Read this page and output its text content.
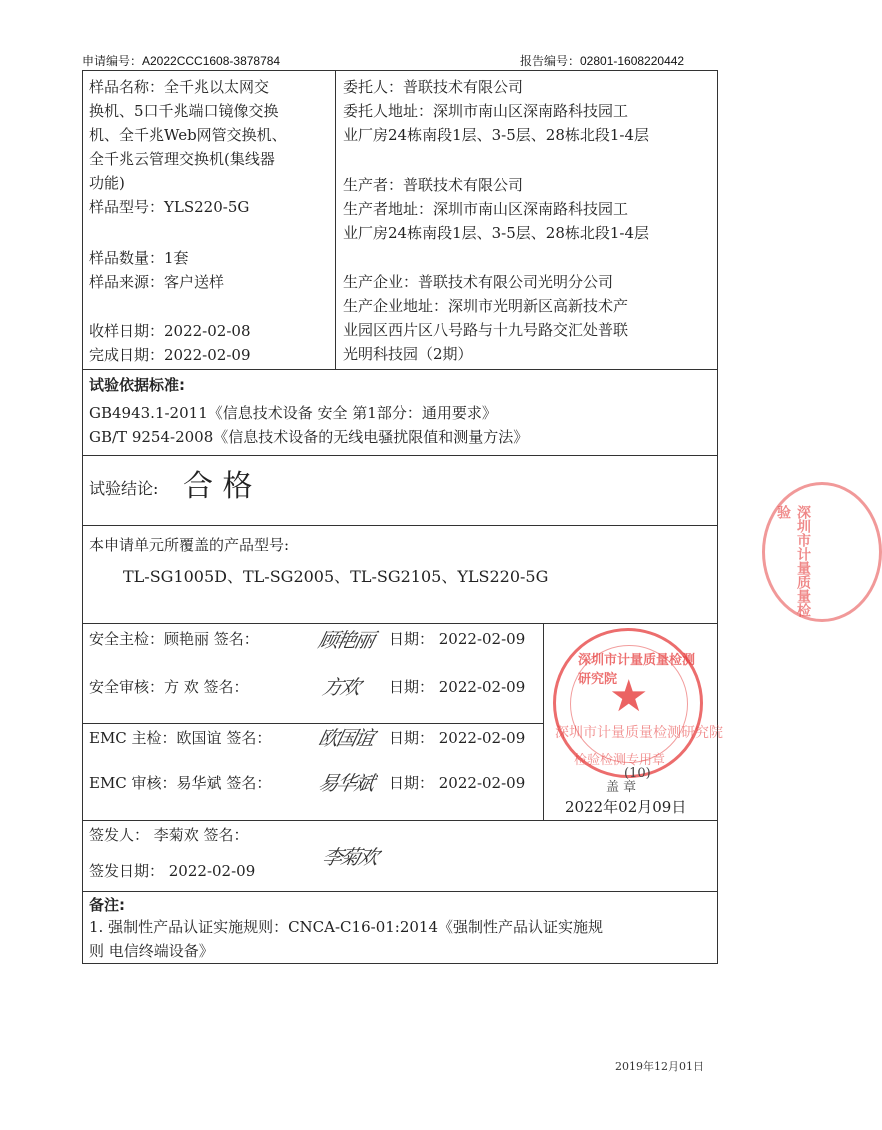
申请编号：A2022CCC1608-3878784	报告编号：02801-1608220442
样品名称：全千兆以太网交
换机、5口千兆端口镜像交换
机、全千兆Web网管交换机、
全千兆云管理交换机(集线器
功能)
样品型号：YLS220-5G
样品数量：1套
样品来源：客户送样
收样日期：2022-02-08
完成日期：2022-02-09
委托人：普联技术有限公司
委托人地址：深圳市南山区深南路科技园工
业厂房24栋南段1层、3-5层、28栋北段1-4层
生产者：普联技术有限公司
生产者地址：深圳市南山区深南路科技园工
业厂房24栋南段1层、3-5层、28栋北段1-4层
生产企业：普联技术有限公司光明分公司
生产企业地址：深圳市光明新区高新技术产
业园区西片区八号路与十九号路交汇处普联
光明科技园（2期）
试验依据标准:
GB4943.1-2011《信息技术设备 安全 第1部分：通用要求》
GB/T 9254-2008《信息技术设备的无线电骚扰限值和测量方法》
试验结论: 合 格
本申请单元所覆盖的产品型号:
TL-SG1005D、TL-SG2005、TL-SG2105、YLS220-5G
安全主检：顾艳丽 签名：	顾艳丽 日期： 2022-02-09
安全审核：方 欢 签名：	方欢 日期： 2022-02-09
EMC 主检：欧国谊 签名： 欧国谊 日期： 2022-02-09
EMC 审核：易华斌 签名： 易华斌 日期： 2022-02-09
2022年02月09日
签发人： 李菊欢 签名：
李菊欢
签发日期： 2022-02-09
备注:
1. 强制性产品认证实施规则：CNCA-C16-01:2014《强制性产品认证实施规
则 电信终端设备》
深圳市计量质量检测研究院
★
深圳市计量质量检测研究院
检验检测专用章
(10)
盖 章
深圳市计量质量检验
2019年12月01日
